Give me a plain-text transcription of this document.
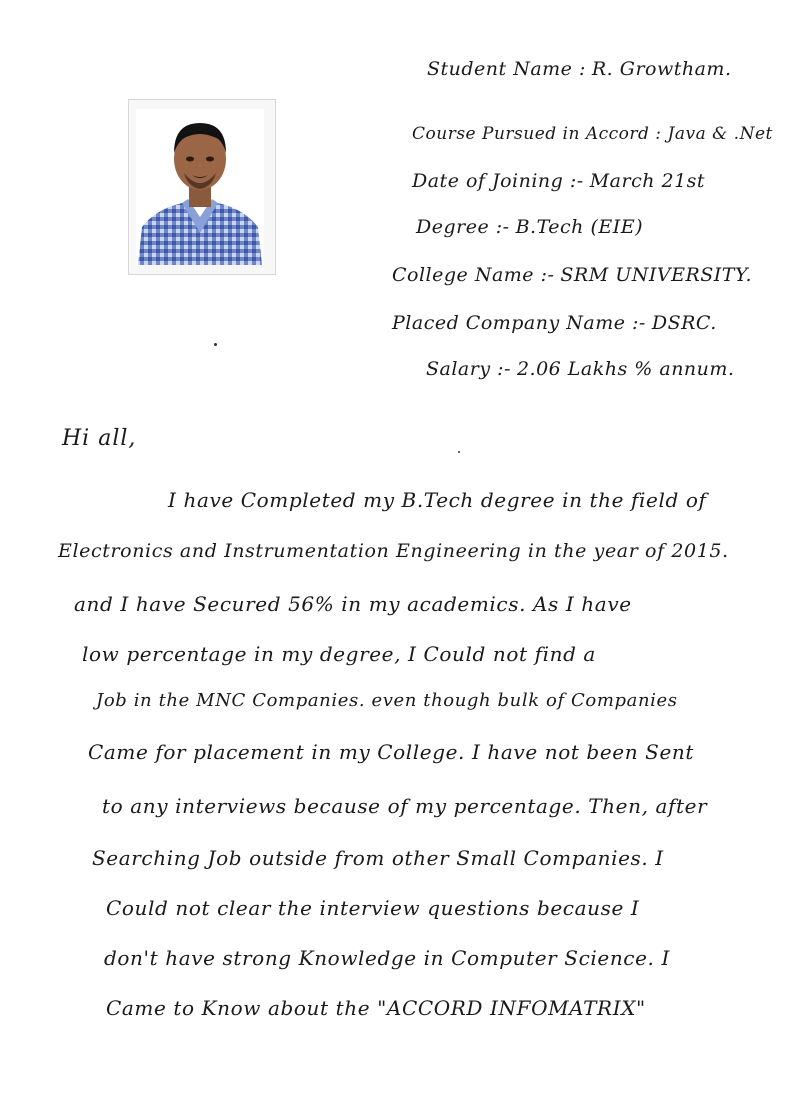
Student Name : R. Growtham.
Course Pursued in Accord : Java & .Net
Date of Joining :- March 21st
Degree :- B.Tech (EIE)
College Name :- SRM UNIVERSITY.
Placed Company Name :- DSRC.
Salary :- 2.06 Lakhs % annum.
Hi all,
I have Completed my B.Tech degree in the field of
Electronics and Instrumentation Engineering in the year of 2015.
and I have Secured 56% in my academics. As I have
low percentage in my degree, I Could not find a
Job in the MNC Companies. even though bulk of Companies
Came for placement in my College. I have not been Sent
to any interviews because of my percentage. Then, after
Searching Job outside from other Small Companies. I
Could not clear the interview questions because I
don't have strong Knowledge in Computer Science. I
Came to Know about the "ACCORD INFOMATRIX"
